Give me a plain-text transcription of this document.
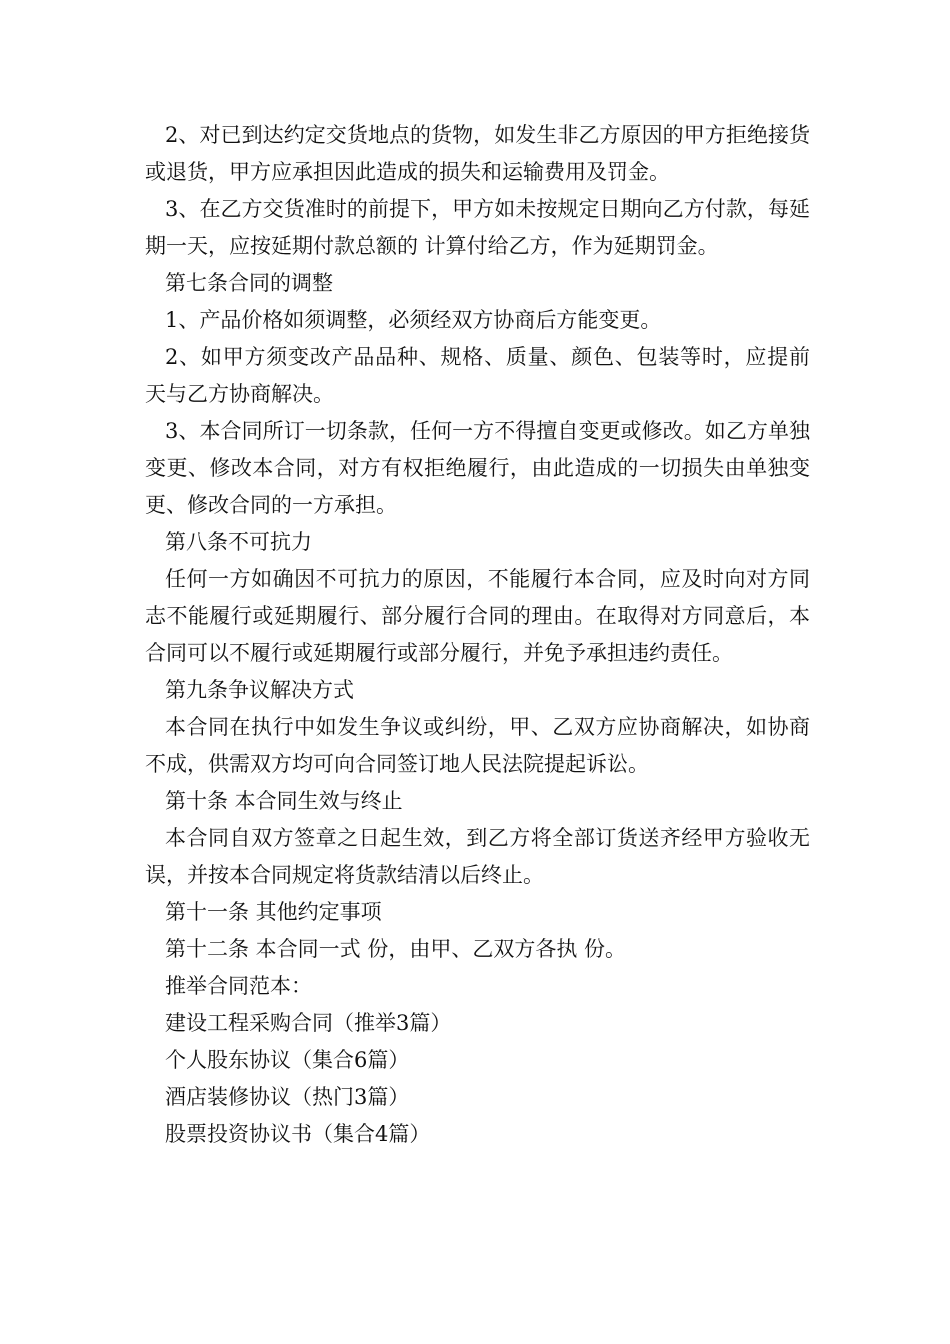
2、对已到达约定交货地点的货物，如发生非乙方原因的甲方拒绝接货或退货，甲方应承担因此造成的损失和运输费用及罚金。

3、在乙方交货准时的前提下，甲方如未按规定日期向乙方付款，每延期一天，应按延期付款总额的 计算付给乙方，作为延期罚金。

第七条合同的调整

1、产品价格如须调整，必须经双方协商后方能变更。

2、如甲方须变改产品品种、规格、质量、颜色、包装等时，应提前 天与乙方协商解决。

3、本合同所订一切条款，任何一方不得擅自变更或修改。如乙方单独变更、修改本合同，对方有权拒绝履行，由此造成的一切损失由单独变更、修改合同的一方承担。

第八条不可抗力

任何一方如确因不可抗力的原因，不能履行本合同，应及时向对方同志不能履行或延期履行、部分履行合同的理由。在取得对方同意后，本合同可以不履行或延期履行或部分履行，并免予承担违约责任。

第九条争议解决方式

本合同在执行中如发生争议或纠纷，甲、乙双方应协商解决，如协商不成，供需双方均可向合同签订地人民法院提起诉讼。

第十条 本合同生效与终止

本合同自双方签章之日起生效，到乙方将全部订货送齐经甲方验收无误，并按本合同规定将货款结清以后终止。

第十一条 其他约定事项

第十二条 本合同一式 份，由甲、乙双方各执 份。

推举合同范本：

建设工程采购合同（推举3篇）

个人股东协议（集合6篇）

酒店装修协议（热门3篇）

股票投资协议书（集合4篇）
